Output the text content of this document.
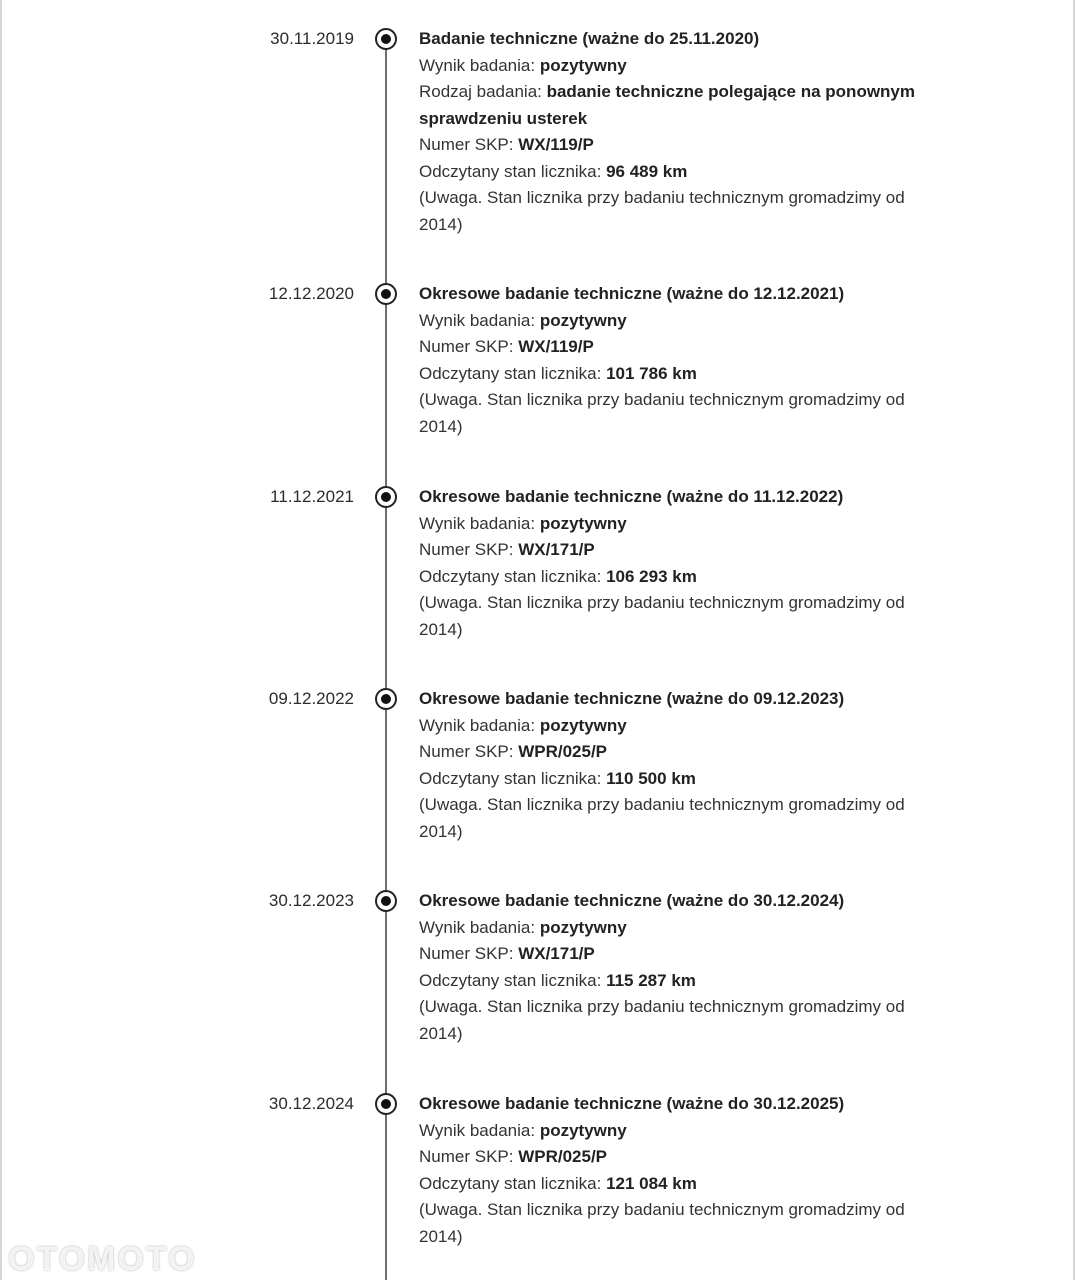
30.11.2019	Badanie techniczne (ważne do 25.11.2020)
Wynik badania: pozytywny
Rodzaj badania: badanie techniczne polegające na ponownym sprawdzeniu usterek
Numer SKP: WX/119/P
Odczytany stan licznika: 96 489 km
(Uwaga. Stan licznika przy badaniu technicznym gromadzimy od 2014)
12.12.2020	Okresowe badanie techniczne (ważne do 12.12.2021)
Wynik badania: pozytywny
Numer SKP: WX/119/P
Odczytany stan licznika: 101 786 km
(Uwaga. Stan licznika przy badaniu technicznym gromadzimy od 2014)
11.12.2021	Okresowe badanie techniczne (ważne do 11.12.2022)
Wynik badania: pozytywny
Numer SKP: WX/171/P
Odczytany stan licznika: 106 293 km
(Uwaga. Stan licznika przy badaniu technicznym gromadzimy od 2014)
09.12.2022	Okresowe badanie techniczne (ważne do 09.12.2023)
Wynik badania: pozytywny
Numer SKP: WPR/025/P
Odczytany stan licznika: 110 500 km
(Uwaga. Stan licznika przy badaniu technicznym gromadzimy od 2014)
30.12.2023	Okresowe badanie techniczne (ważne do 30.12.2024)
Wynik badania: pozytywny
Numer SKP: WX/171/P
Odczytany stan licznika: 115 287 km
(Uwaga. Stan licznika przy badaniu technicznym gromadzimy od 2014)
30.12.2024	Okresowe badanie techniczne (ważne do 30.12.2025)
Wynik badania: pozytywny
Numer SKP: WPR/025/P
Odczytany stan licznika: 121 084 km
(Uwaga. Stan licznika przy badaniu technicznym gromadzimy od 2014)
OTOMOTO
